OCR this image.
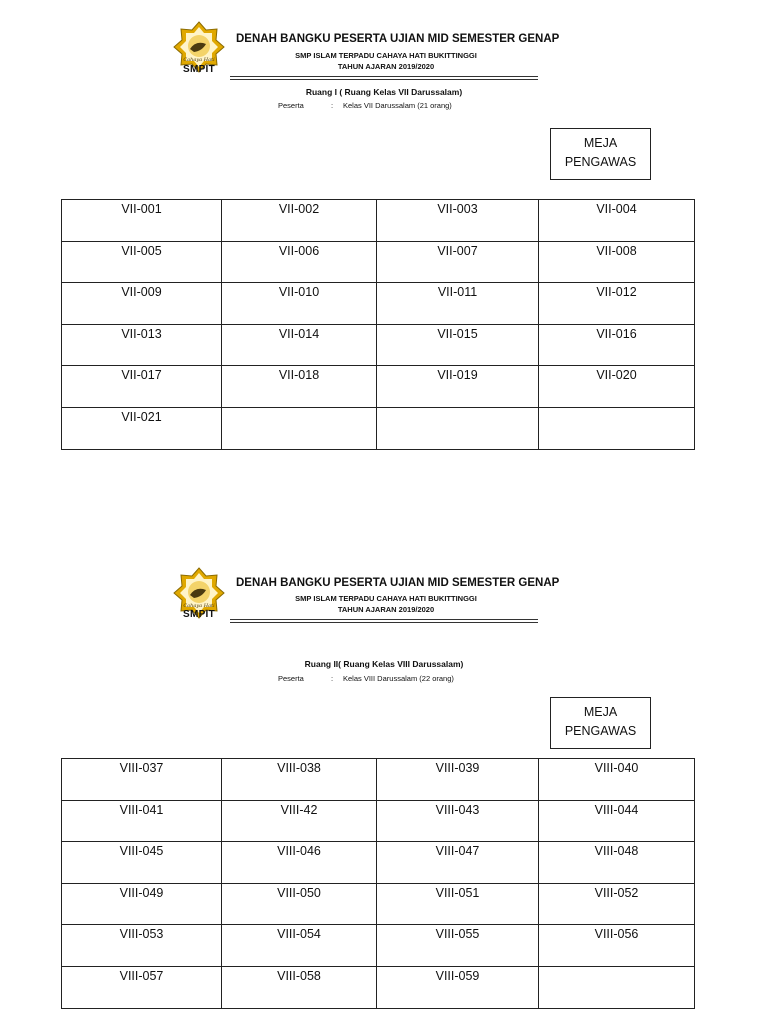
Cahaya Hati
SMPIT
DENAH BANGKU PESERTA UJIAN MID SEMESTER GENAP
SMP ISLAM TERPADU CAHAYA HATI BUKITTINGGI
TAHUN AJARAN 2019/2020
Ruang I ( Ruang Kelas VII Darussalam)
Peserta	: Kelas VII Darussalam (21 orang)
MEJA
PENGAWAS
VII-001	VII-002	VII-003	VII-004

VII-005	VII-006	VII-007	VII-008

VII-009	VII-010	VII-011	VII-012

VII-013	VII-014	VII-015	VII-016

VII-017	VII-018	VII-019	VII-020

VII-021			

Cahaya Hati
SMPIT
DENAH BANGKU PESERTA UJIAN MID SEMESTER GENAP
SMP ISLAM TERPADU CAHAYA HATI BUKITTINGGI
TAHUN AJARAN 2019/2020
Ruang II( Ruang Kelas VIII Darussalam)
Peserta	: Kelas VIII Darussalam (22 orang)
MEJA
PENGAWAS
VIII-037	VIII-038	VIII-039	VIII-040

VIII-041	VIII-42	VIII-043	VIII-044

VIII-045	VIII-046	VIII-047	VIII-048

VIII-049	VIII-050	VIII-051	VIII-052

VIII-053	VIII-054	VIII-055	VIII-056

VIII-057	VIII-058	VIII-059	
